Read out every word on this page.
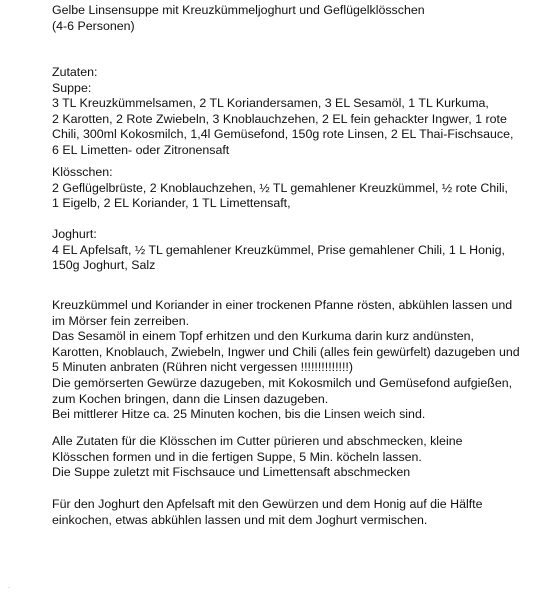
Gelbe Linsensuppe mit Kreuzkümmeljoghurt und Geflügelklösschen
(4-6 Personen)
Zutaten:
Suppe:
3 TL Kreuzkümmelsamen, 2 TL Koriandersamen, 3 EL Sesamöl, 1 TL Kurkuma,
2 Karotten, 2 Rote Zwiebeln, 3 Knoblauchzehen, 2 EL fein gehackter Ingwer, 1 rote
Chili, 300ml Kokosmilch, 1,4l Gemüsefond, 150g rote Linsen, 2 EL Thai-Fischsauce,
6 EL Limetten- oder Zitronensaft
Klösschen:
2 Geflügelbrüste, 2 Knoblauchzehen, ½ TL gemahlener Kreuzkümmel, ½ rote Chili,
1 Eigelb, 2 EL Koriander, 1 TL Limettensaft,
Joghurt:
4 EL Apfelsaft, ½ TL gemahlener Kreuzkümmel, Prise gemahlener Chili, 1 L Honig,
150g Joghurt, Salz
Kreuzkümmel und Koriander in einer trockenen Pfanne rösten, abkühlen lassen und
im Mörser fein zerreiben.
Das Sesamöl in einem Topf erhitzen und den Kurkuma darin kurz andünsten,
Karotten, Knoblauch, Zwiebeln, Ingwer und Chili (alles fein gewürfelt) dazugeben und
5 Minuten anbraten (Rühren nicht vergessen !!!!!!!!!!!!!!)
Die gemörserten Gewürze dazugeben, mit Kokosmilch und Gemüsefond aufgießen,
zum Kochen bringen, dann die Linsen dazugeben.
Bei mittlerer Hitze ca. 25 Minuten kochen, bis die Linsen weich sind.
Alle Zutaten für die Klösschen im Cutter pürieren und abschmecken, kleine
Klösschen formen und in die fertigen Suppe, 5 Min. köcheln lassen.
Die Suppe zuletzt mit Fischsauce und Limettensaft abschmecken
Für den Joghurt den Apfelsaft mit den Gewürzen und dem Honig auf die Hälfte
einkochen, etwas abkühlen lassen und mit dem Joghurt vermischen.
·
